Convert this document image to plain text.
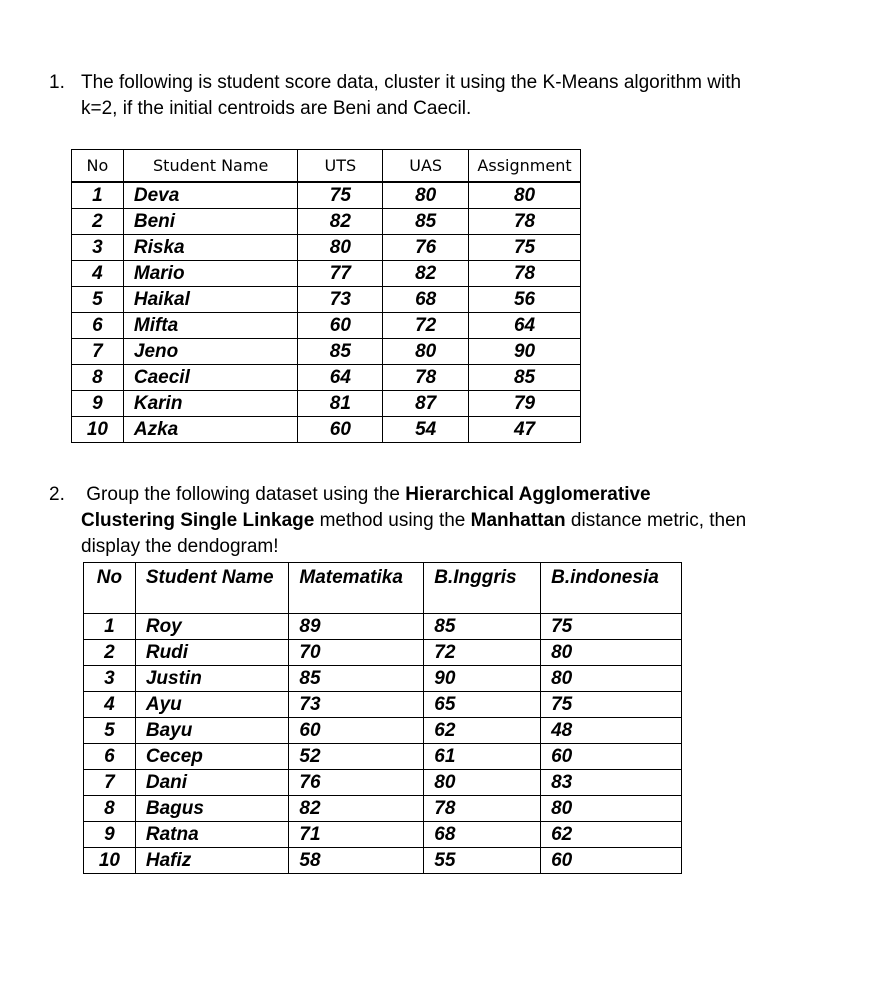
1. The following is student score data, cluster it using the K-Means algorithm with
k=2, if the initial centroids are Beni and Caecil.
No	Student Name	UTS	UAS	Assignment
1	Deva	75	80	80
2	Beni	82	85	78
3	Riska	80	76	75
4	Mario	77	82	78
5	Haikal	73	68	56
6	Mifta	60	72	64
7	Jeno	85	80	90
8	Caecil	64	78	85
9	Karin	81	87	79
10	Azka	60	54	47
2. Group the following dataset using the Hierarchical Agglomerative
Clustering Single Linkage method using the Manhattan distance metric, then
display the dendogram!
No	Student Name	Matematika	B.Inggris	B.indonesia
1	Roy	89	85	75
2	Rudi	70	72	80
3	Justin	85	90	80
4	Ayu	73	65	75
5	Bayu	60	62	48
6	Cecep	52	61	60
7	Dani	76	80	83
8	Bagus	82	78	80
9	Ratna	71	68	62
10	Hafiz	58	55	60
